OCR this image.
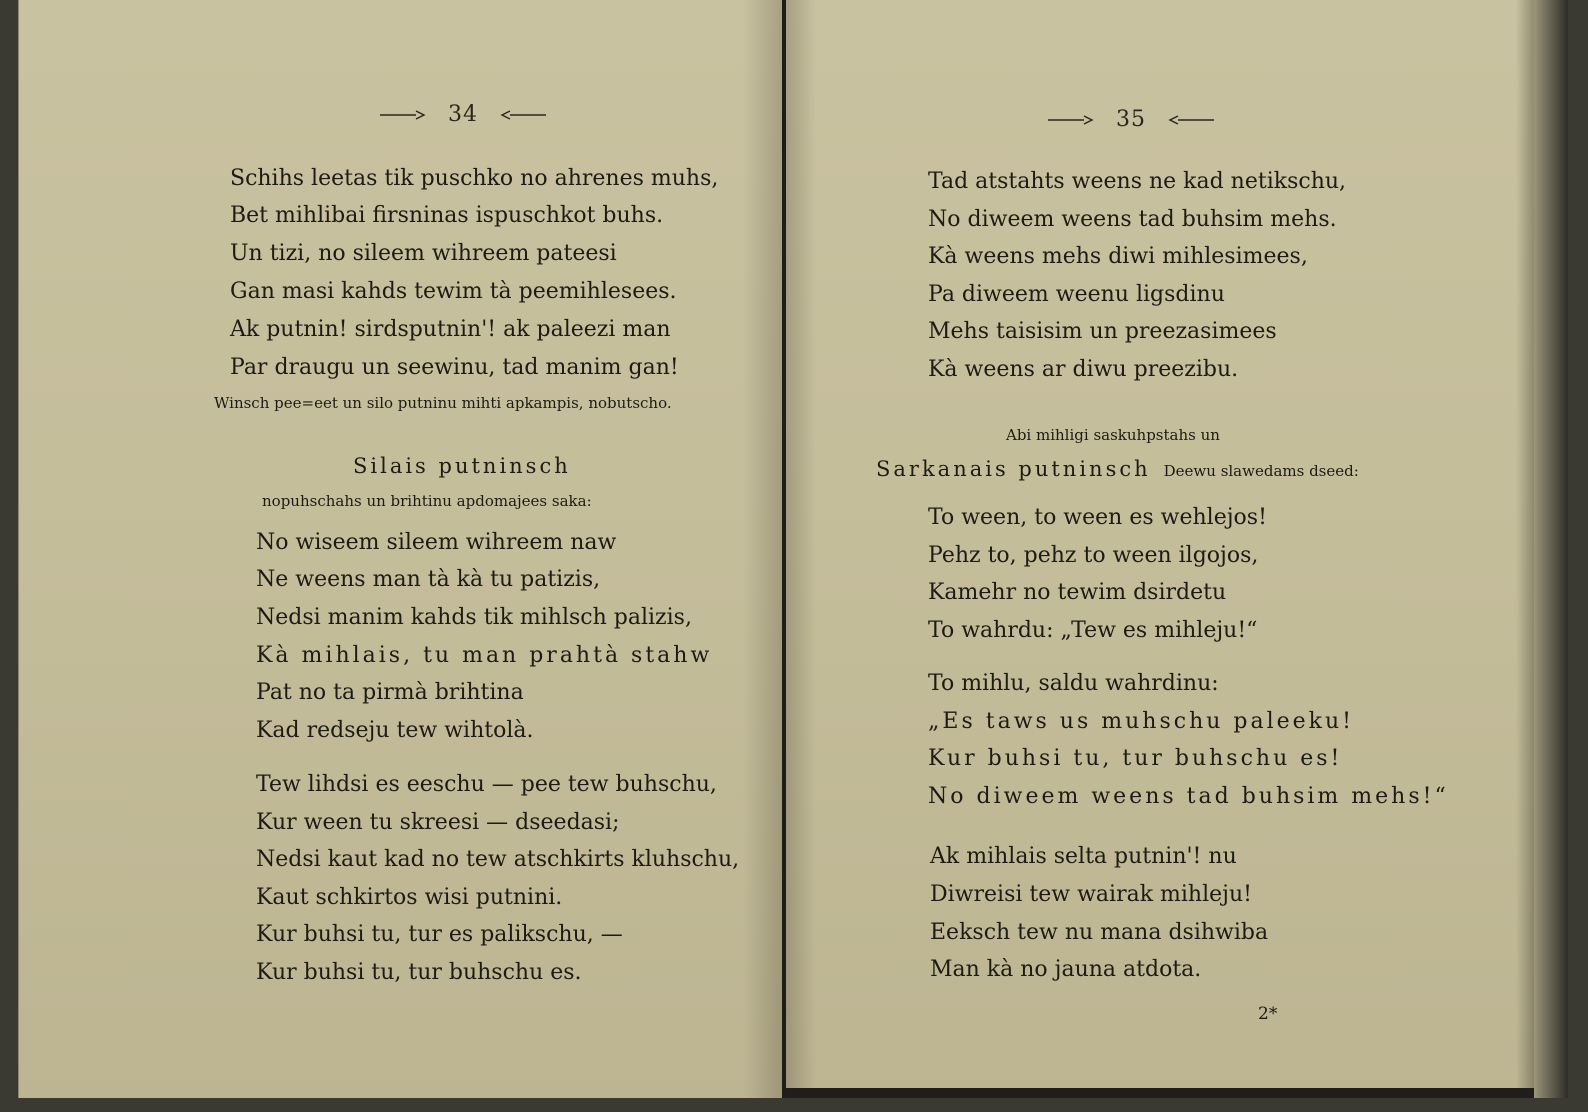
34
Schihs leetas tik puschko no ahrenes muhs,
Bet mihlibai firsninas ispuschkot buhs.
Un tizi, no sileem wihreem pateesi
Gan masi kahds tewim tà peemihlesees.
Ak putnin! sirdsputnin'! ak paleezi man
Par draugu un seewinu, tad manim gan!
Winsch pee=eet un silo putninu mihti apkampis, nobutscho.
Silais putninsch
nopuhschahs un brihtinu apdomajees saka:
No wiseem sileem wihreem naw
Ne weens man tà kà tu patizis,
Nedsi manim kahds tik mihlsch palizis,
Kà mihlais, tu man prahtà stahw
Pat no ta pirmà brihtina
Kad redseju tew wihtolà.
Tew lihdsi es eeschu — pee tew buhschu,
Kur ween tu skreesi — dseedasi;
Nedsi kaut kad no tew atschkirts kluhschu,
Kaut schkirtos wisi putnini.
Kur buhsi tu, tur es palikschu, —
Kur buhsi tu, tur buhschu es.
35
Tad atstahts weens ne kad netikschu,
No diweem weens tad buhsim mehs.
Kà weens mehs diwi mihlesimees,
Pa diweem weenu ligsdinu
Mehs taisisim un preezasimees
Kà weens ar diwu preezibu.
Abi mihligi saskuhpstahs un
Sarkanais putninsch Deewu slawedams dseed:
To ween, to ween es wehlejos!
Pehz to, pehz to ween ilgojos,
Kamehr no tewim dsirdetu
To wahrdu: „Tew es mihleju!“
To mihlu, saldu wahrdinu:
„Es taws us muhschu paleeku!
Kur buhsi tu, tur buhschu es!
No diweem weens tad buhsim mehs!“
Ak mihlais selta putnin'! nu
Diwreisi tew wairak mihleju!
Eeksch tew nu mana dsihwiba
Man kà no jauna atdota.
2*
